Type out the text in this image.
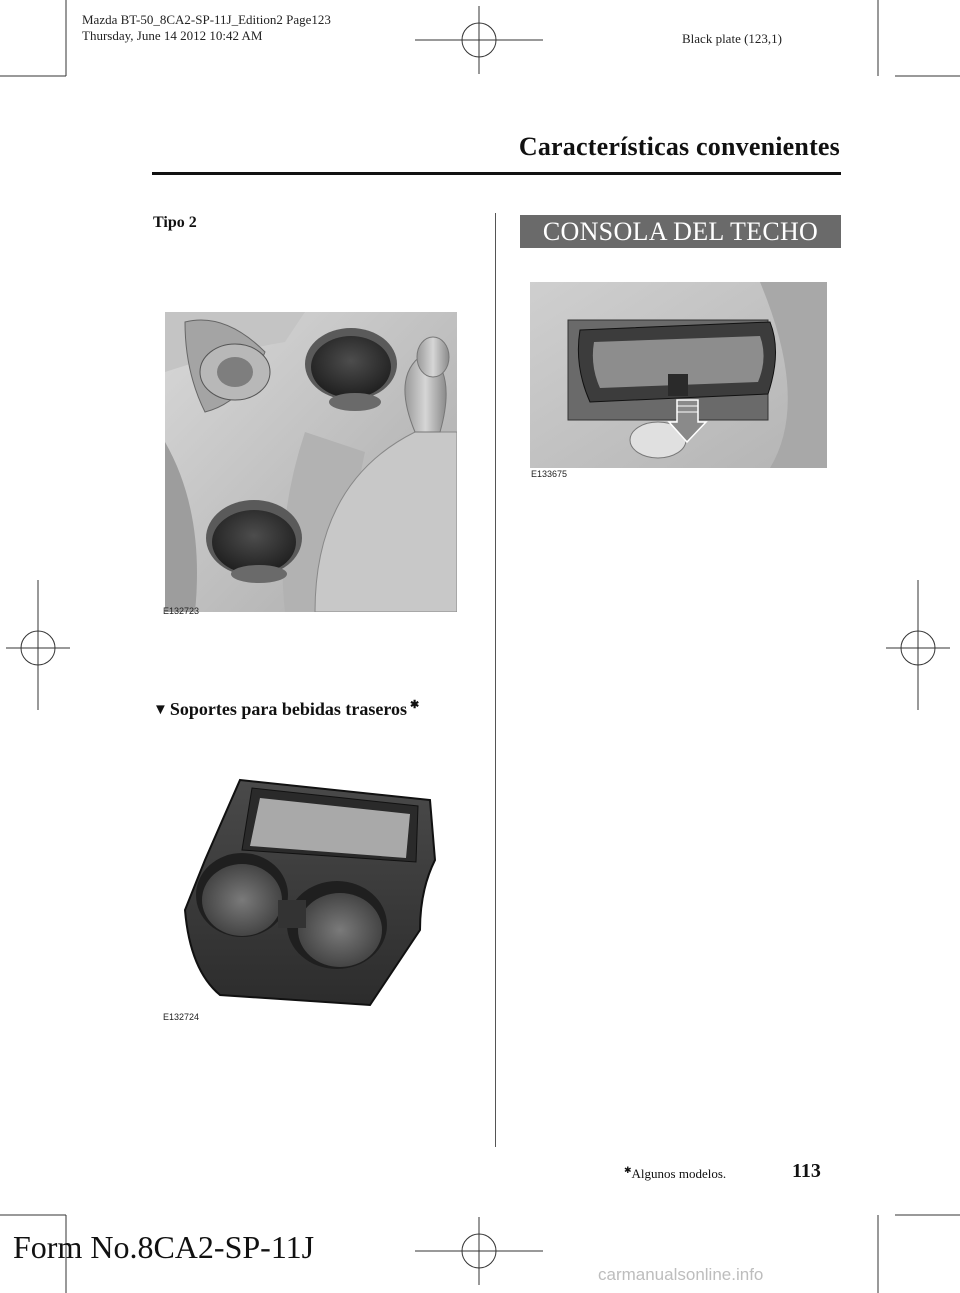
Mazda BT-50_8CA2-SP-11J_Edition2 Page123
Thursday, June 14 2012 10:42 AM	Black plate (123,1)
Características convenientes
Tipo 2
E132723
▼ Soportes para bebidas traseros ✱
E132724
CONSOLA DEL TECHO
E133675
✱Algunos modelos.	113
Form No.8CA2-SP-11J
carmanualsonline.info
